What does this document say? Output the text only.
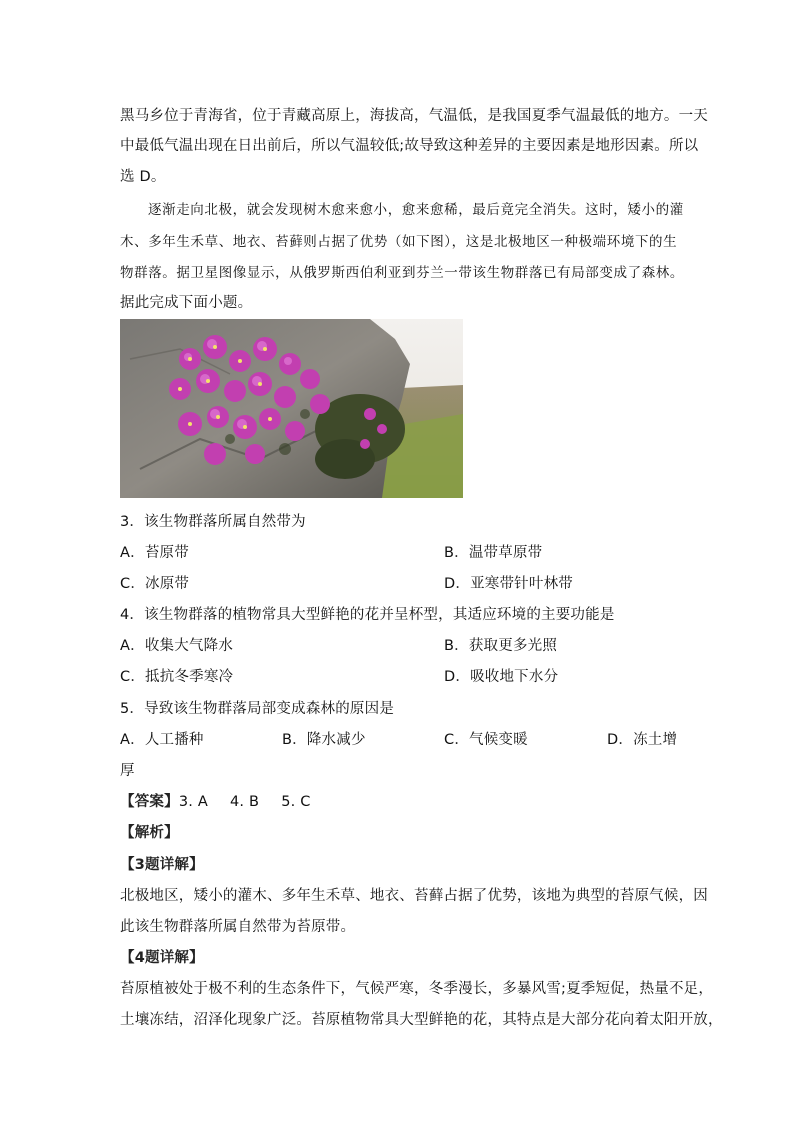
黑马乡位于青海省，位于青藏高原上，海拔高，气温低，是我国夏季气温最低的地方。一天
中最低气温出现在日出前后，所以气温较低;故导致这种差异的主要因素是地形因素。所以
选 D。
逐渐走向北极，就会发现树木愈来愈小，愈来愈稀，最后竟完全消失。这时，矮小的灌
木、多年生禾草、地衣、苔藓则占据了优势（如下图），这是北极地区一种极端环境下的生
物群落。据卫星图像显示，从俄罗斯西伯利亚到芬兰一带该生物群落已有局部变成了森林。
据此完成下面小题。
3．该生物群落所属自然带为
A．苔原带	B．温带草原带
C．冰原带	D．亚寒带针叶林带
4．该生物群落的植物常具大型鲜艳的花并呈杯型，其适应环境的主要功能是
A．收集大气降水	B．获取更多光照
C．抵抗冬季寒冷	D．吸收地下水分
5．导致该生物群落局部变成森林的原因是
A．人工播种	B．降水减少	C．气候变暖	D．冻土增
厚
【答案】3. A 4. B 5. C
【解析】
【3题详解】
北极地区，矮小的灌木、多年生禾草、地衣、苔藓占据了优势，该地为典型的苔原气候，因
此该生物群落所属自然带为苔原带。
【4题详解】
苔原植被处于极不利的生态条件下，气候严寒，冬季漫长，多暴风雪;夏季短促，热量不足，
土壤冻结，沼泽化现象广泛。苔原植物常具大型鲜艳的花，其特点是大部分花向着太阳开放，
